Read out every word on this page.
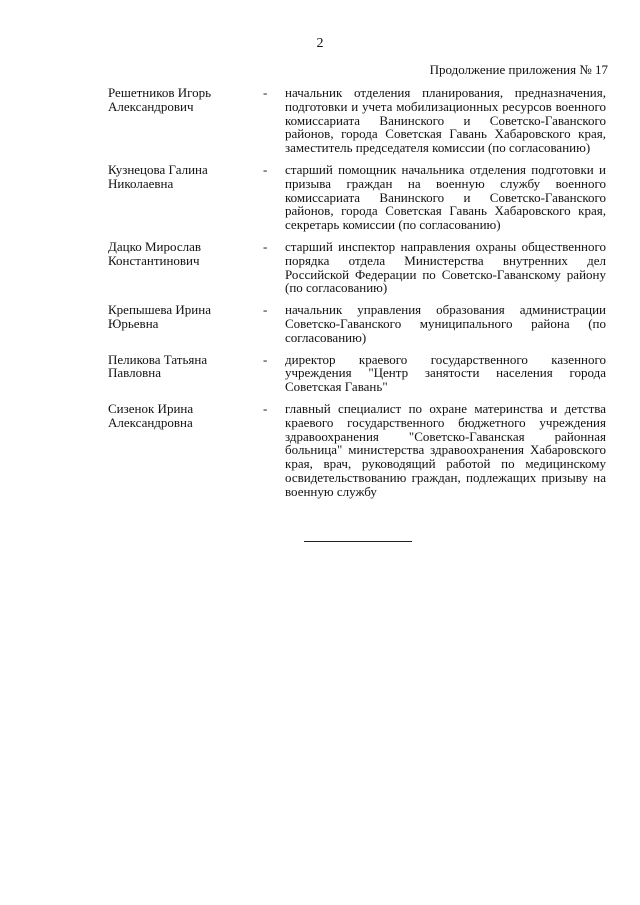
2
Продолжение приложения № 17
Решетников Игорь Александрович
-	начальник отделения планирования, предназначения, подготовки и учета мобилизационных ресурсов военного комиссариата Ванинского и Советско-Гаванского районов, города Советская Гавань Хабаровского края, заместитель председателя комиссии (по согласованию)
Кузнецова Галина Николаевна
-	старший помощник начальника отделения подготовки и призыва граждан на военную службу военного комиссариата Ванинского и Советско-Гаванского районов, города Советская Гавань Хабаровского края, секретарь комиссии (по согласованию)
Дацко Мирослав Константинович
-	старший инспектор направления охраны общественного порядка отдела Министерства внутренних дел Российской Федерации по Советско-Гаванскому району (по согласованию)
Крепышева Ирина Юрьевна
-	начальник управления образования администрации Советско-Гаванского муниципального района (по согласованию)
Пеликова Татьяна Павловна
-	директор краевого государственного казенного учреждения "Центр занятости населения города Советская Гавань"
Сизенок Ирина Александровна
-	главный специалист по охране материнства и детства краевого государственного бюджетного учреждения здравоохранения "Советско-Гаванская районная больница" министерства здравоохранения Хабаровского края, врач, руководящий работой по медицинскому освидетельствованию граждан, подлежащих призыву на военную службу
